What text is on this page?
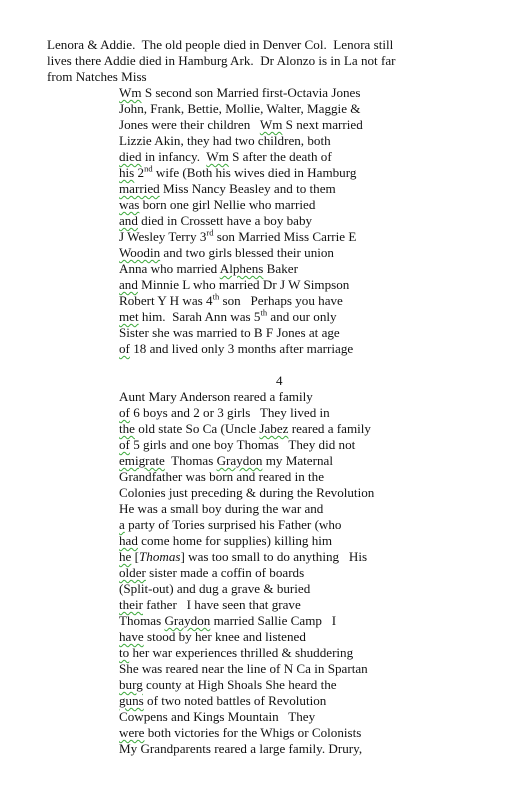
Lenora & Addie.  The old people died in Denver Col.  Lenora still
lives there Addie died in Hamburg Ark.  Dr Alonzo is in La not far
from Natches Miss
Wm S second son Married first-Octavia Jones
John, Frank, Bettie, Mollie, Walter, Maggie &
Jones were their children   Wm S next married
Lizzie Akin, they had two children, both
died in infancy.  Wm S after the death of
his 2nd wife (Both his wives died in Hamburg
married Miss Nancy Beasley and to them
was born one girl Nellie who married
and died in Crossett have a boy baby
J Wesley Terry 3rd son Married Miss Carrie E
Woodin and two girls blessed their union
Anna who married Alphens Baker
and Minnie L who married Dr J W Simpson
Robert Y H was 4th son   Perhaps you have
met him.  Sarah Ann was 5th and our only
Sister she was married to B F Jones at age
of 18 and lived only 3 months after marriage
4
Aunt Mary Anderson reared a family
of 6 boys and 2 or 3 girls   They lived in
the old state So Ca (Uncle Jabez reared a family
of 5 girls and one boy Thomas   They did not
emigrate  Thomas Graydon my Maternal
Grandfather was born and reared in the
Colonies just preceding & during the Revolution
He was a small boy during the war and
a party of Tories surprised his Father (who
had come home for supplies) killing him
he [Thomas] was too small to do anything   His
older sister made a coffin of boards
(Split-out) and dug a grave & buried
their father   I have seen that grave
Thomas Graydon married Sallie Camp   I
have stood by her knee and listened
to her war experiences thrilled & shuddering
She was reared near the line of N Ca in Spartan
burg county at High Shoals She heard the
guns of two noted battles of Revolution
Cowpens and Kings Mountain   They
were both victories for the Whigs or Colonists
My Grandparents reared a large family. Drury,
